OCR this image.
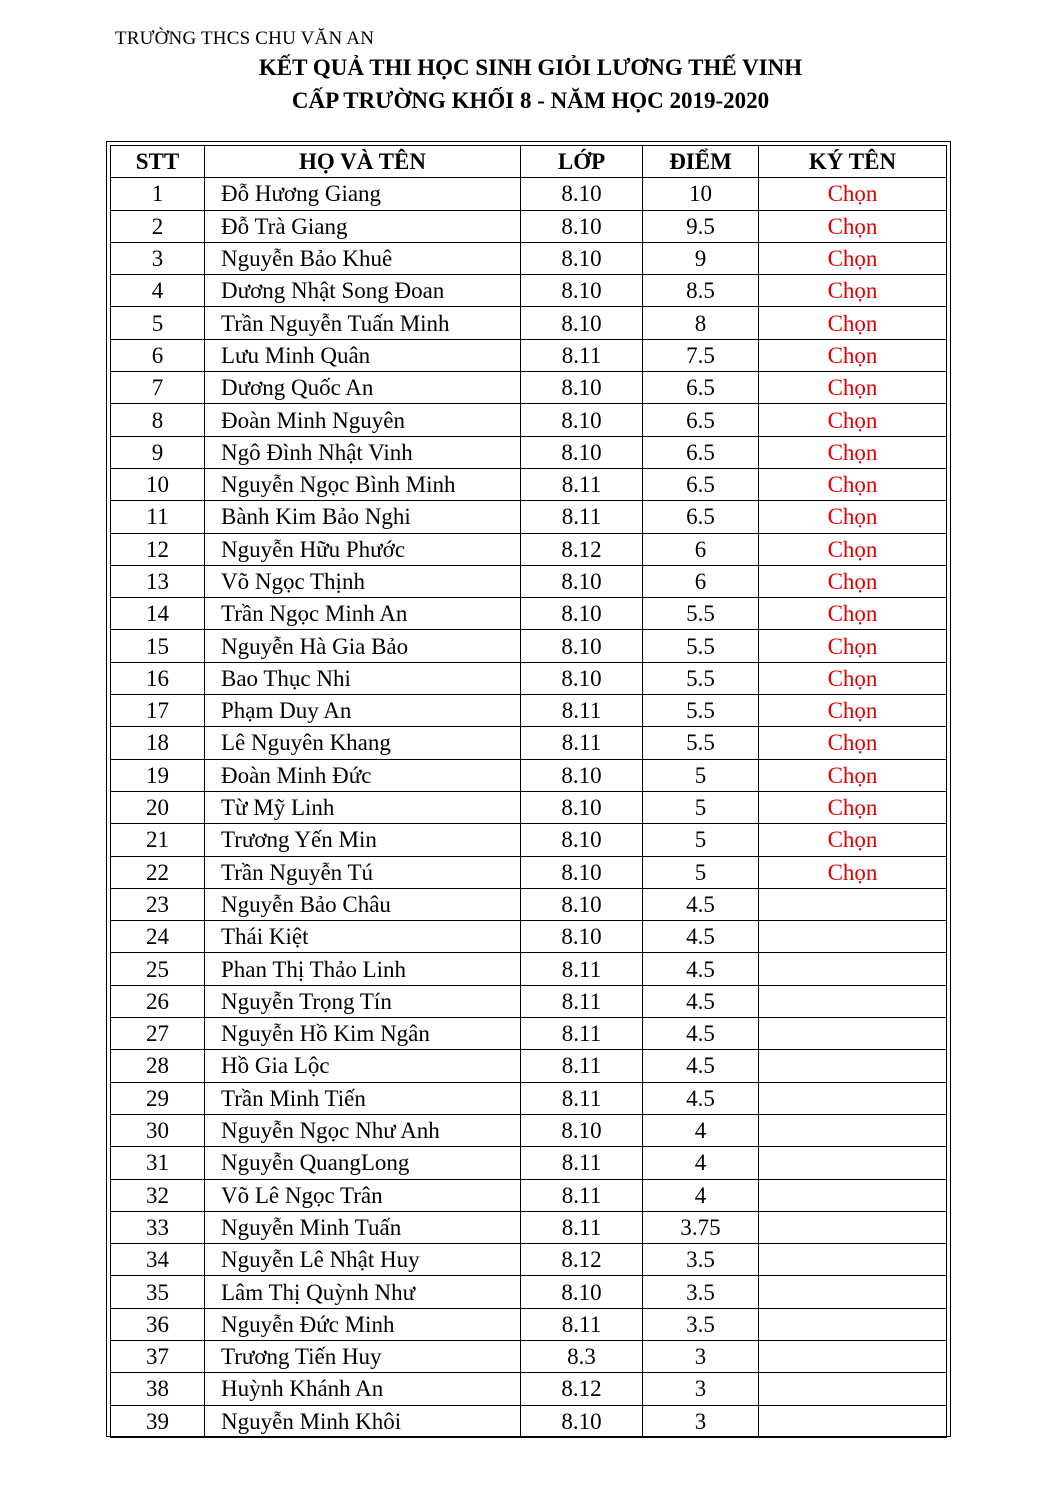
TRƯỜNG THCS CHU VĂN AN
KẾT QUẢ THI HỌC SINH GIỎI LƯƠNG THẾ VINH
CẤP TRƯỜNG KHỐI 8 - NĂM HỌC 2019-2020
STT	HỌ VÀ TÊN	LỚP	ĐIỂM	KÝ TÊN
1	Đỗ Hương Giang	8.10	10	Chọn
2	Đỗ Trà Giang	8.10	9.5	Chọn
3	Nguyễn Bảo Khuê	8.10	9	Chọn
4	Dương Nhật Song Đoan	8.10	8.5	Chọn
5	Trần Nguyễn Tuấn Minh	8.10	8	Chọn
6	Lưu Minh Quân	8.11	7.5	Chọn
7	Dương Quốc An	8.10	6.5	Chọn
8	Đoàn Minh Nguyên	8.10	6.5	Chọn
9	Ngô Đình Nhật Vinh	8.10	6.5	Chọn
10	Nguyễn Ngọc Bình Minh	8.11	6.5	Chọn
11	Bành Kim Bảo Nghi	8.11	6.5	Chọn
12	Nguyễn Hữu Phước	8.12	6	Chọn
13	Võ Ngọc Thịnh	8.10	6	Chọn
14	Trần Ngọc Minh An	8.10	5.5	Chọn
15	Nguyễn Hà Gia Bảo	8.10	5.5	Chọn
16	Bao Thục Nhi	8.10	5.5	Chọn
17	Phạm Duy An	8.11	5.5	Chọn
18	Lê Nguyên Khang	8.11	5.5	Chọn
19	Đoàn Minh Đức	8.10	5	Chọn
20	Từ Mỹ Linh	8.10	5	Chọn
21	Trương Yến Min	8.10	5	Chọn
22	Trần Nguyễn Tú	8.10	5	Chọn
23	Nguyễn Bảo Châu	8.10	4.5	
24	Thái Kiệt	8.10	4.5	
25	Phan Thị Thảo Linh	8.11	4.5	
26	Nguyễn Trọng Tín	8.11	4.5	
27	Nguyễn Hồ Kim Ngân	8.11	4.5	
28	Hồ Gia Lộc	8.11	4.5	
29	Trần Minh Tiến	8.11	4.5	
30	Nguyễn Ngọc Như Anh	8.10	4	
31	Nguyễn QuangLong	8.11	4	
32	Võ Lê Ngọc Trân	8.11	4	
33	Nguyễn Minh Tuấn	8.11	3.75	
34	Nguyễn Lê Nhật Huy	8.12	3.5	
35	Lâm Thị Quỳnh Như	8.10	3.5	
36	Nguyễn Đức Minh	8.11	3.5	
37	Trương Tiến Huy	8.3	3	
38	Huỳnh Khánh An	8.12	3	
39	Nguyễn Minh Khôi	8.10	3	
